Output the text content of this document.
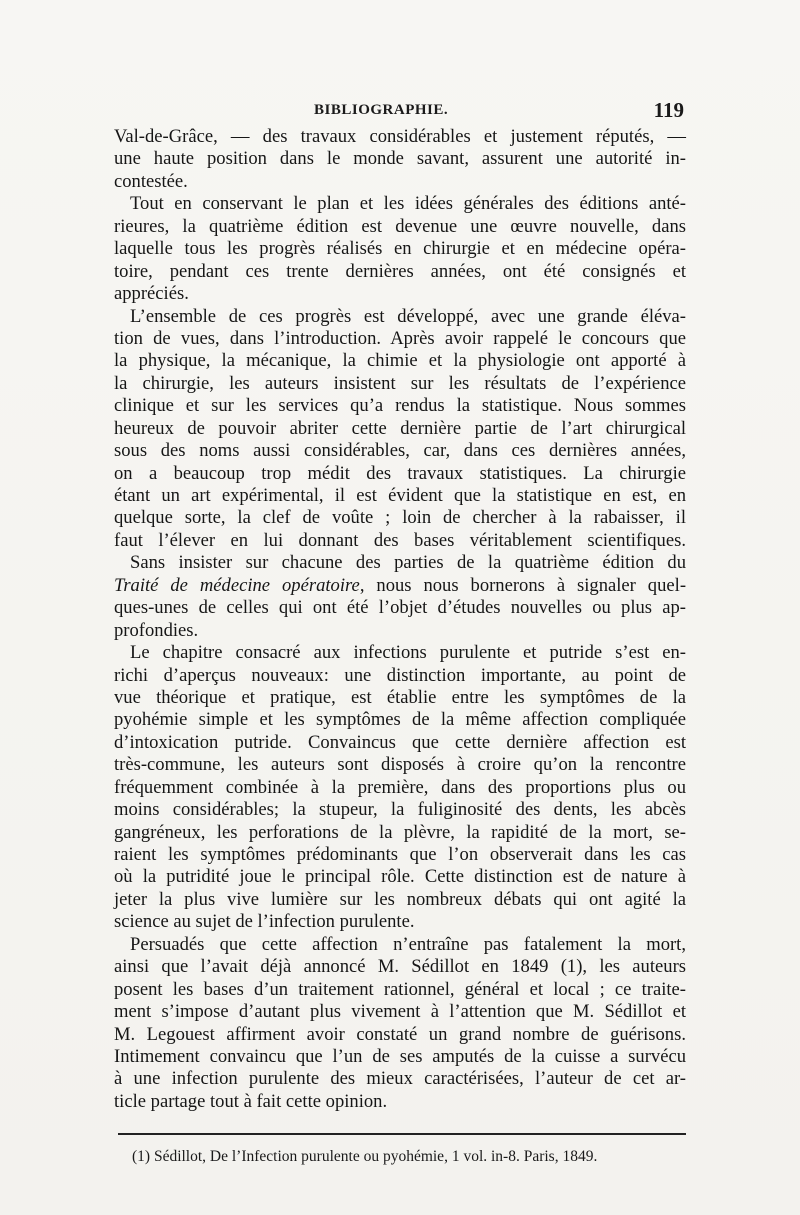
BIBLIOGRAPHIE.	119
Val-de-Grâce, — des travaux considérables et justement réputés, —
une haute position dans le monde savant, assurent une autorité in-
contestée.
Tout en conservant le plan et les idées générales des éditions anté-
rieures, la quatrième édition est devenue une œuvre nouvelle, dans
laquelle tous les progrès réalisés en chirurgie et en médecine opéra-
toire, pendant ces trente dernières années, ont été consignés et
appréciés.
L’ensemble de ces progrès est développé, avec une grande éléva-
tion de vues, dans l’introduction. Après avoir rappelé le concours que
la physique, la mécanique, la chimie et la physiologie ont apporté à
la chirurgie, les auteurs insistent sur les résultats de l’expérience
clinique et sur les services qu’a rendus la statistique. Nous sommes
heureux de pouvoir abriter cette dernière partie de l’art chirurgical
sous des noms aussi considérables, car, dans ces dernières années,
on a beaucoup trop médit des travaux statistiques. La chirurgie
étant un art expérimental, il est évident que la statistique en est, en
quelque sorte, la clef de voûte ; loin de chercher à la rabaisser, il
faut l’élever en lui donnant des bases véritablement scientifiques.
Sans insister sur chacune des parties de la quatrième édition du
Traité de médecine opératoire, nous nous bornerons à signaler quel-
ques-unes de celles qui ont été l’objet d’études nouvelles ou plus ap-
profondies.
Le chapitre consacré aux infections purulente et putride s’est en-
richi d’aperçus nouveaux: une distinction importante, au point de
vue théorique et pratique, est établie entre les symptômes de la
pyohémie simple et les symptômes de la même affection compliquée
d’intoxication putride. Convaincus que cette dernière affection est
très-commune, les auteurs sont disposés à croire qu’on la rencontre
fréquemment combinée à la première, dans des proportions plus ou
moins considérables; la stupeur, la fuliginosité des dents, les abcès
gangréneux, les perforations de la plèvre, la rapidité de la mort, se-
raient les symptômes prédominants que l’on observerait dans les cas
où la putridité joue le principal rôle. Cette distinction est de nature à
jeter la plus vive lumière sur les nombreux débats qui ont agité la
science au sujet de l’infection purulente.
Persuadés que cette affection n’entraîne pas fatalement la mort,
ainsi que l’avait déjà annoncé M. Sédillot en 1849 (1), les auteurs
posent les bases d’un traitement rationnel, général et local ; ce traite-
ment s’impose d’autant plus vivement à l’attention que M. Sédillot et
M. Legouest affirment avoir constaté un grand nombre de guérisons.
Intimement convaincu que l’un de ses amputés de la cuisse a survécu
à une infection purulente des mieux caractérisées, l’auteur de cet ar-
ticle partage tout à fait cette opinion.
(1) Sédillot, De l’Infection purulente ou pyohémie, 1 vol. in-8. Paris, 1849.
